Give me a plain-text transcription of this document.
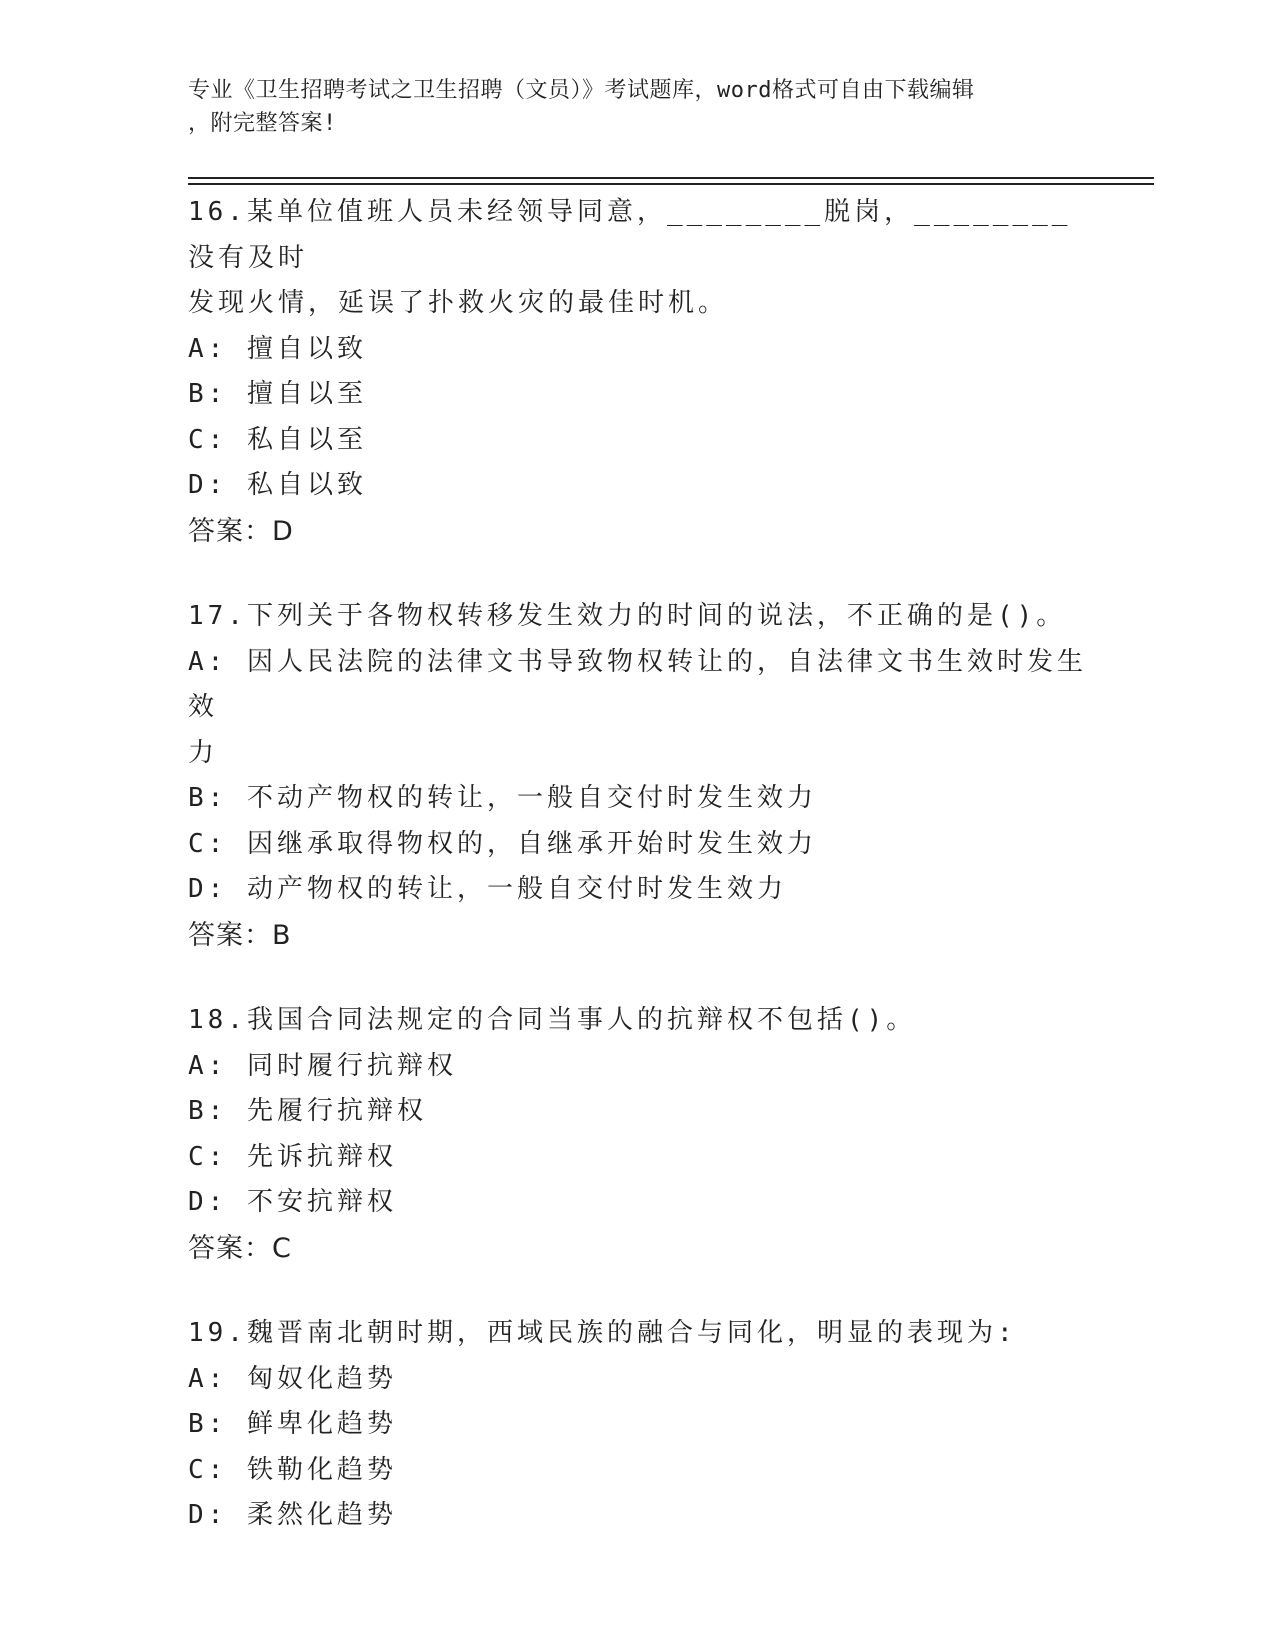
专业《卫生招聘考试之卫生招聘（文员）》考试题库，word格式可自由下载编辑
，附完整答案!
16.某单位值班人员未经领导同意，________脱岗，________没有及时
发现火情，延误了扑救火灾的最佳时机。
A: 擅自以致
B: 擅自以至
C: 私自以至
D: 私自以致
答案：D
17.下列关于各物权转移发生效力的时间的说法，不正确的是()。
A: 因人民法院的法律文书导致物权转让的，自法律文书生效时发生效
力
B: 不动产物权的转让，一般自交付时发生效力
C: 因继承取得物权的，自继承开始时发生效力
D: 动产物权的转让，一般自交付时发生效力
答案：B
18.我国合同法规定的合同当事人的抗辩权不包括()。
A: 同时履行抗辩权
B: 先履行抗辩权
C: 先诉抗辩权
D: 不安抗辩权
答案：C
19.魏晋南北朝时期，西域民族的融合与同化，明显的表现为:
A: 匈奴化趋势
B: 鲜卑化趋势
C: 铁勒化趋势
D: 柔然化趋势
